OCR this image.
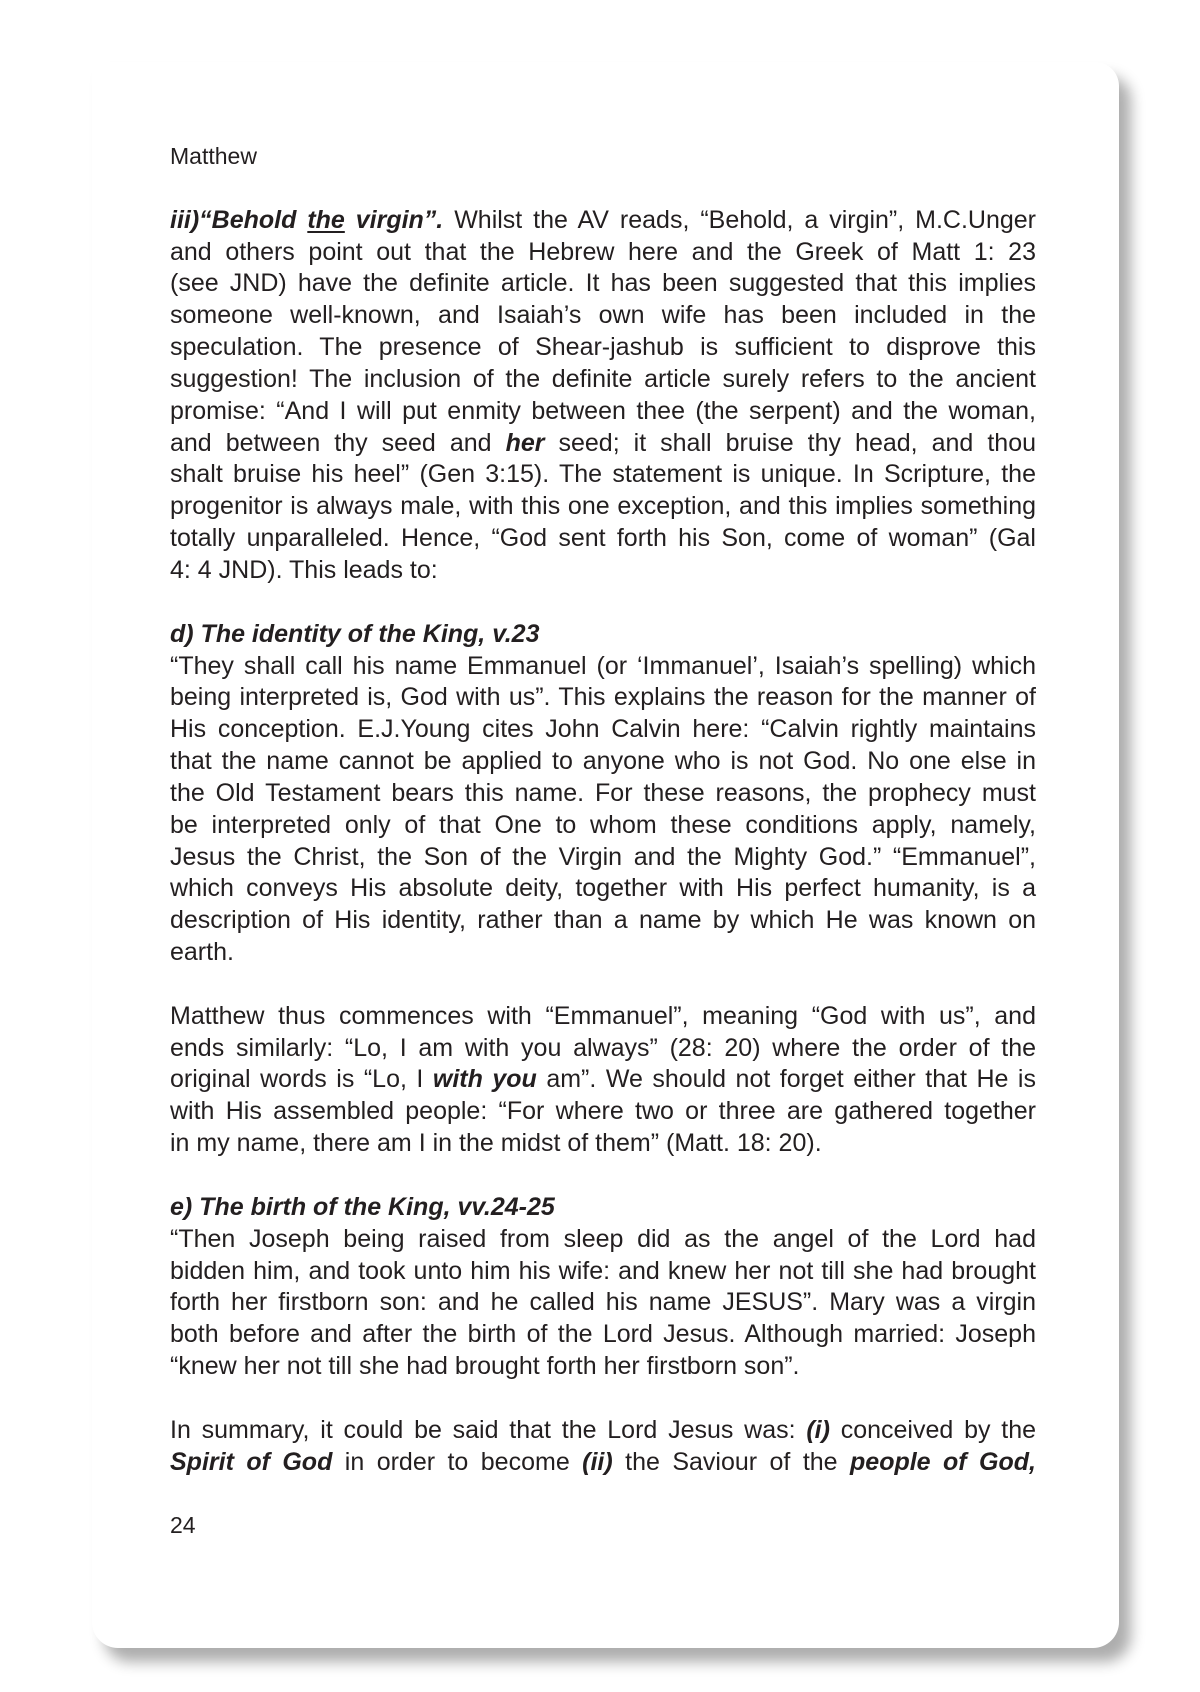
Matthew
iii)“Behold the virgin”. Whilst the AV reads, “Behold, a virgin”, M.C.Unger
and others point out that the Hebrew here and the Greek of Matt 1: 23
(see JND) have the definite article. It has been suggested that this implies
someone well-known, and Isaiah’s own wife has been included in the
speculation. The presence of Shear-jashub is sufficient to disprove this
suggestion! The inclusion of the definite article surely refers to the ancient
promise: “And I will put enmity between thee (the serpent) and the woman,
and between thy seed and her seed; it shall bruise thy head, and thou
shalt bruise his heel” (Gen 3:15). The statement is unique. In Scripture, the
progenitor is always male, with this one exception, and this implies something
totally unparalleled. Hence, “God sent forth his Son, come of woman” (Gal
4: 4 JND). This leads to:
d) The identity of the King, v.23
“They shall call his name Emmanuel (or ‘Immanuel’, Isaiah’s spelling) which
being interpreted is, God with us”. This explains the reason for the manner of
His conception. E.J.Young cites John Calvin here: “Calvin rightly maintains
that the name cannot be applied to anyone who is not God. No one else in
the Old Testament bears this name. For these reasons, the prophecy must
be interpreted only of that One to whom these conditions apply, namely,
Jesus the Christ, the Son of the Virgin and the Mighty God.” “Emmanuel”,
which conveys His absolute deity, together with His perfect humanity, is a
description of His identity, rather than a name by which He was known on
earth.
Matthew thus commences with “Emmanuel”, meaning “God with us”, and
ends similarly: “Lo, I am with you always” (28: 20) where the order of the
original words is “Lo, I with you am”. We should not forget either that He is
with His assembled people: “For where two or three are gathered together
in my name, there am I in the midst of them” (Matt. 18: 20).
e) The birth of the King, vv.24-25
“Then Joseph being raised from sleep did as the angel of the Lord had
bidden him, and took unto him his wife: and knew her not till she had brought
forth her firstborn son: and he called his name JESUS”. Mary was a virgin
both before and after the birth of the Lord Jesus. Although married: Joseph
“knew her not till she had brought forth her firstborn son”.
In summary, it could be said that the Lord Jesus was: (i) conceived by the
Spirit of God in order to become (ii) the Saviour of the people of God,
24
